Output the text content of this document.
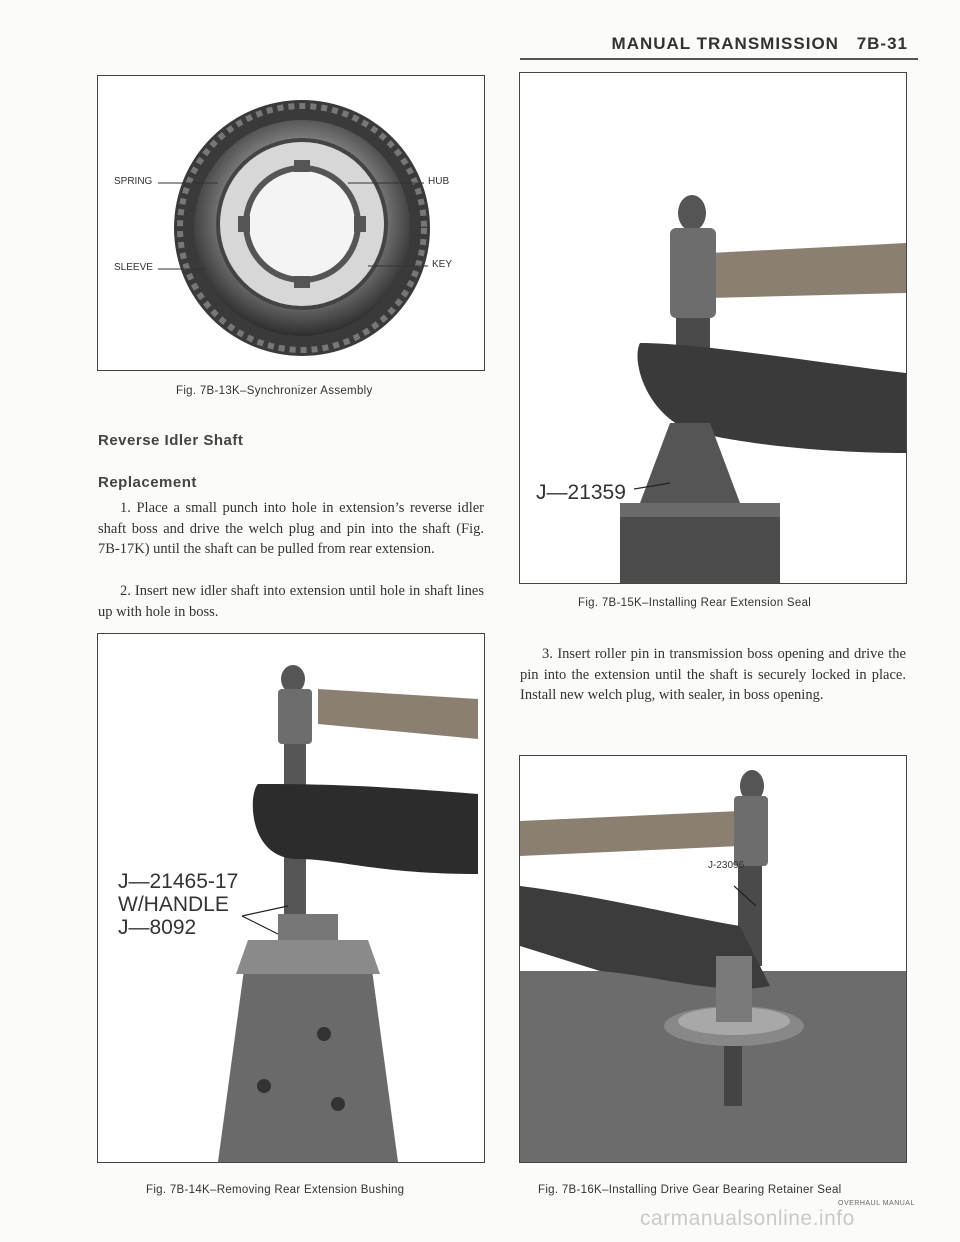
MANUAL TRANSMISSION 7B-31
SPRING
SLEEVE
HUB
KEY
Fig. 7B-13K–Synchronizer Assembly
Reverse Idler Shaft
Replacement

1. Place a small punch into hole in extension’s reverse idler shaft boss and drive the welch plug and pin into the shaft (Fig. 7B-17K) until the shaft can be pulled from rear extension.

2. Insert new idler shaft into extension until hole in shaft lines up with hole in boss.

J—21465-17
W/HANDLE
J—8092
Fig. 7B-14K–Removing Rear Extension Bushing
J—21359
Fig. 7B-15K–Installing Rear Extension Seal

3. Insert roller pin in transmission boss opening and drive the pin into the extension until the shaft is securely locked in place. Install new welch plug, with sealer, in boss opening.

J-23096
Fig. 7B-16K–Installing Drive Gear Bearing Retainer Seal
OVERHAUL MANUAL
carmanualsonline.info
